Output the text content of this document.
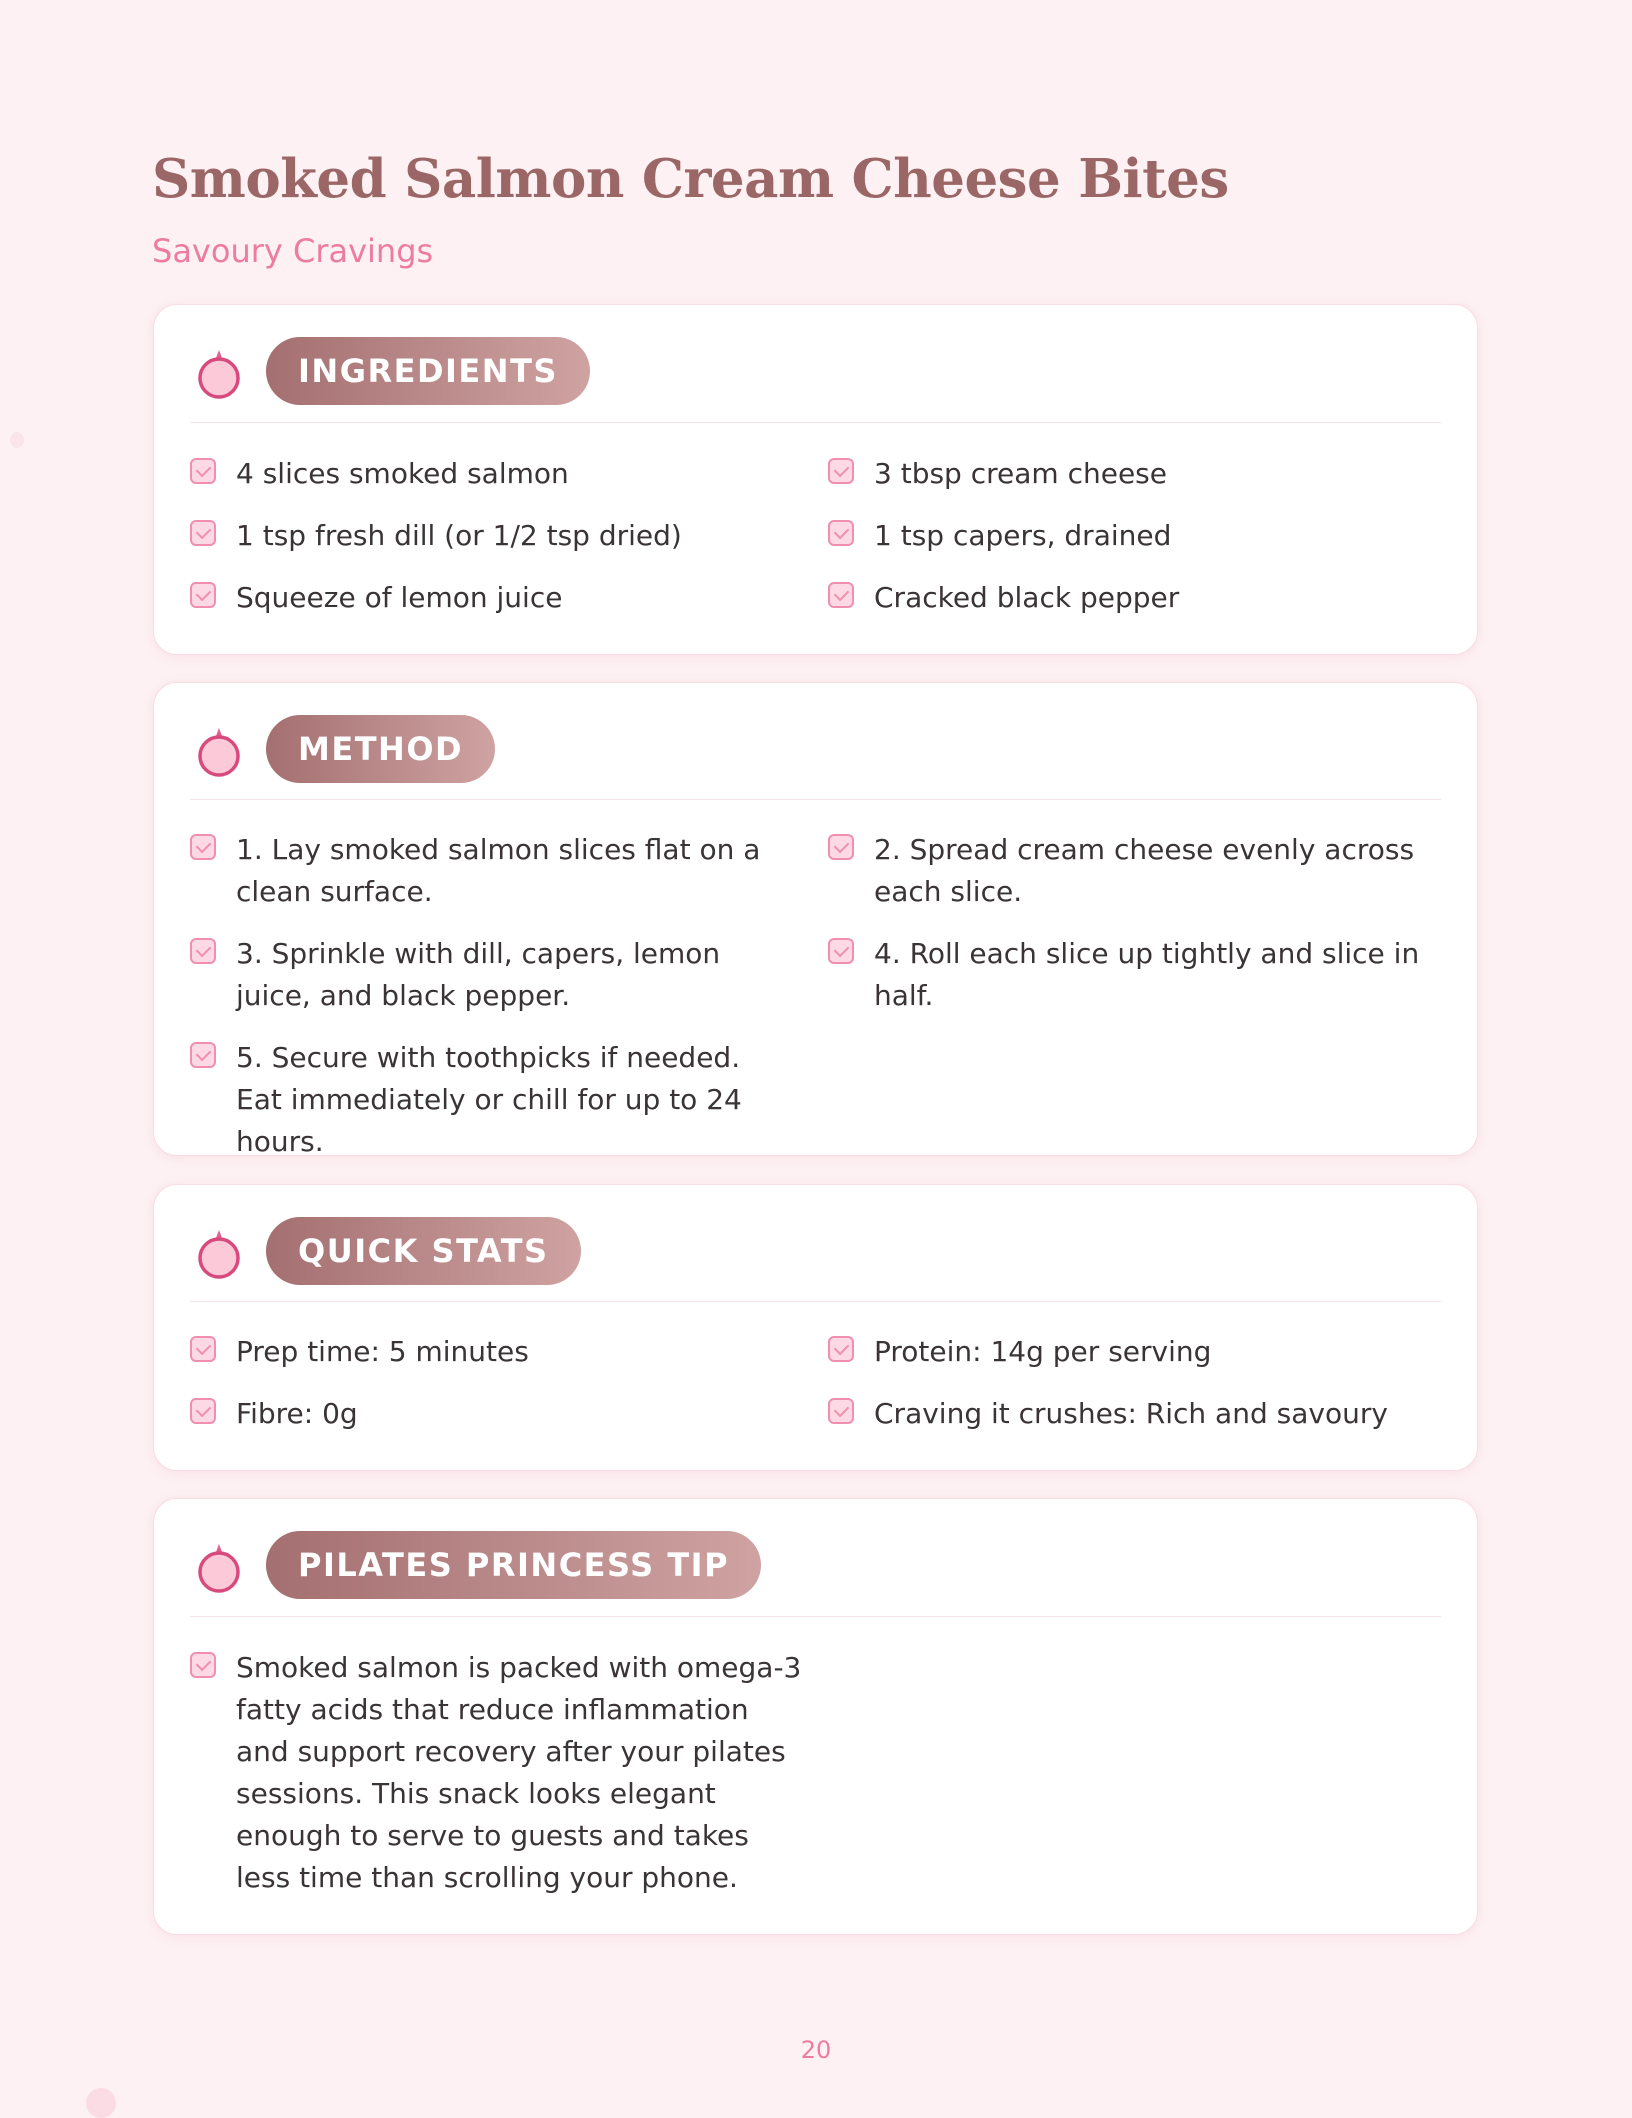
Smoked Salmon Cream Cheese Bites
Savoury Cravings
INGREDIENTS
4 slices smoked salmon	3 tbsp cream cheese
1 tsp fresh dill (or 1/2 tsp dried)	1 tsp capers, drained
Squeeze of lemon juice	Cracked black pepper
METHOD
1. Lay smoked salmon slices flat on a clean surface.
2. Spread cream cheese evenly across each slice.
3. Sprinkle with dill, capers, lemon juice, and black pepper.
4. Roll each slice up tightly and slice in half.
5. Secure with toothpicks if needed. Eat immediately or chill for up to 24 hours.
QUICK STATS
Prep time: 5 minutes	Protein: 14g per serving
Fibre: 0g	Craving it crushes: Rich and savoury
PILATES PRINCESS TIP
Smoked salmon is packed with omega-3 fatty acids that reduce inflammation and support recovery after your pilates sessions. This snack looks elegant enough to serve to guests and takes less time than scrolling your phone.
20
